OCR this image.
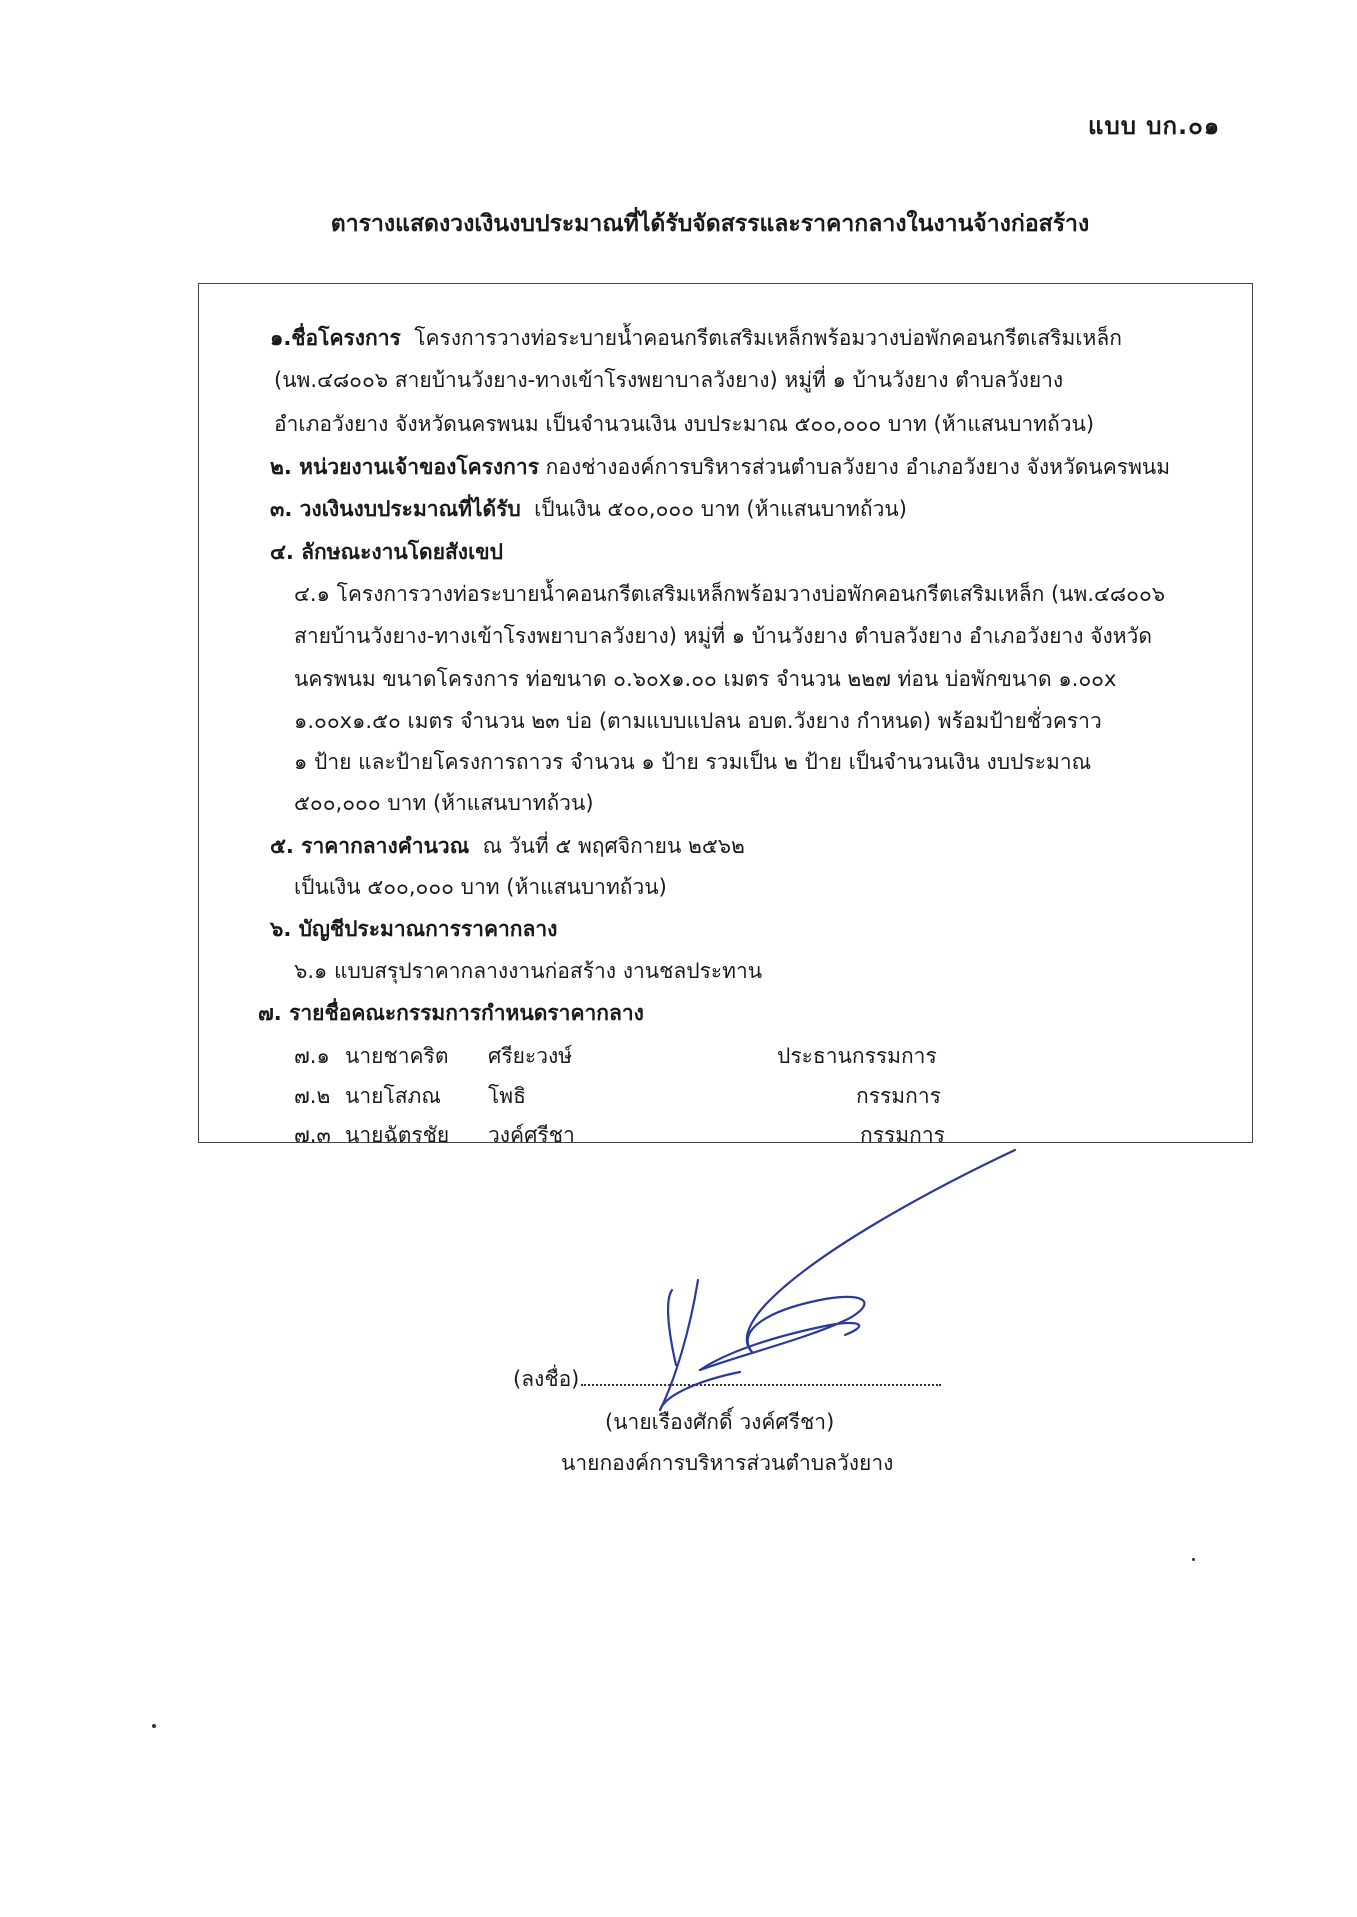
แบบ บก.๐๑
ตารางแสดงวงเงินงบประมาณที่ได้รับจัดสรรและราคากลางในงานจ้างก่อสร้าง
๑.ชื่อโครงการ โครงการวางท่อระบายน้ำคอนกรีตเสริมเหล็กพร้อมวางบ่อพักคอนกรีตเสริมเหล็ก
(นพ.๔๘๐๐๖ สายบ้านวังยาง-ทางเข้าโรงพยาบาลวังยาง) หมู่ที่ ๑ บ้านวังยาง ตำบลวังยาง
อำเภอวังยาง จังหวัดนครพนม เป็นจำนวนเงิน งบประมาณ ๕๐๐,๐๐๐ บาท (ห้าแสนบาทถ้วน)
๒. หน่วยงานเจ้าของโครงการ กองช่างองค์การบริหารส่วนตำบลวังยาง อำเภอวังยาง จังหวัดนครพนม
๓. วงเงินงบประมาณที่ได้รับ เป็นเงิน ๕๐๐,๐๐๐ บาท (ห้าแสนบาทถ้วน)
๔. ลักษณะงานโดยสังเขป
๔.๑ โครงการวางท่อระบายน้ำคอนกรีตเสริมเหล็กพร้อมวางบ่อพักคอนกรีตเสริมเหล็ก (นพ.๔๘๐๐๖
สายบ้านวังยาง-ทางเข้าโรงพยาบาลวังยาง) หมู่ที่ ๑ บ้านวังยาง ตำบลวังยาง อำเภอวังยาง จังหวัด
นครพนม ขนาดโครงการ ท่อขนาด ๐.๖๐x๑.๐๐ เมตร จำนวน ๒๒๗ ท่อน บ่อพักขนาด ๑.๐๐x
๑.๐๐x๑.๕๐ เมตร จำนวน ๒๓ บ่อ (ตามแบบแปลน อบต.วังยาง กำหนด) พร้อมป้ายชั่วคราว
๑ ป้าย และป้ายโครงการถาวร จำนวน ๑ ป้าย รวมเป็น ๒ ป้าย เป็นจำนวนเงิน งบประมาณ
๕๐๐,๐๐๐ บาท (ห้าแสนบาทถ้วน)
๕. ราคากลางคำนวณ ณ วันที่ ๕ พฤศจิกายน ๒๕๖๒
เป็นเงิน ๕๐๐,๐๐๐ บาท (ห้าแสนบาทถ้วน)
๖. บัญชีประมาณการราคากลาง
๖.๑ แบบสรุปราคากลางงานก่อสร้าง งานชลประทาน
๗. รายชื่อคณะกรรมการกำหนดราคากลาง
๗.๑ นายชาคริต ศรียะวงษ์	ประธานกรรมการ
๗.๒ นายโสภณ โพธิ	กรรมการ
๗.๓ นายฉัตรชัย วงค์ศรีชา	กรรมการ
(ลงชื่อ)
(นายเรืองศักดิ์ วงค์ศรีชา)
นายกองค์การบริหารส่วนตำบลวังยาง
